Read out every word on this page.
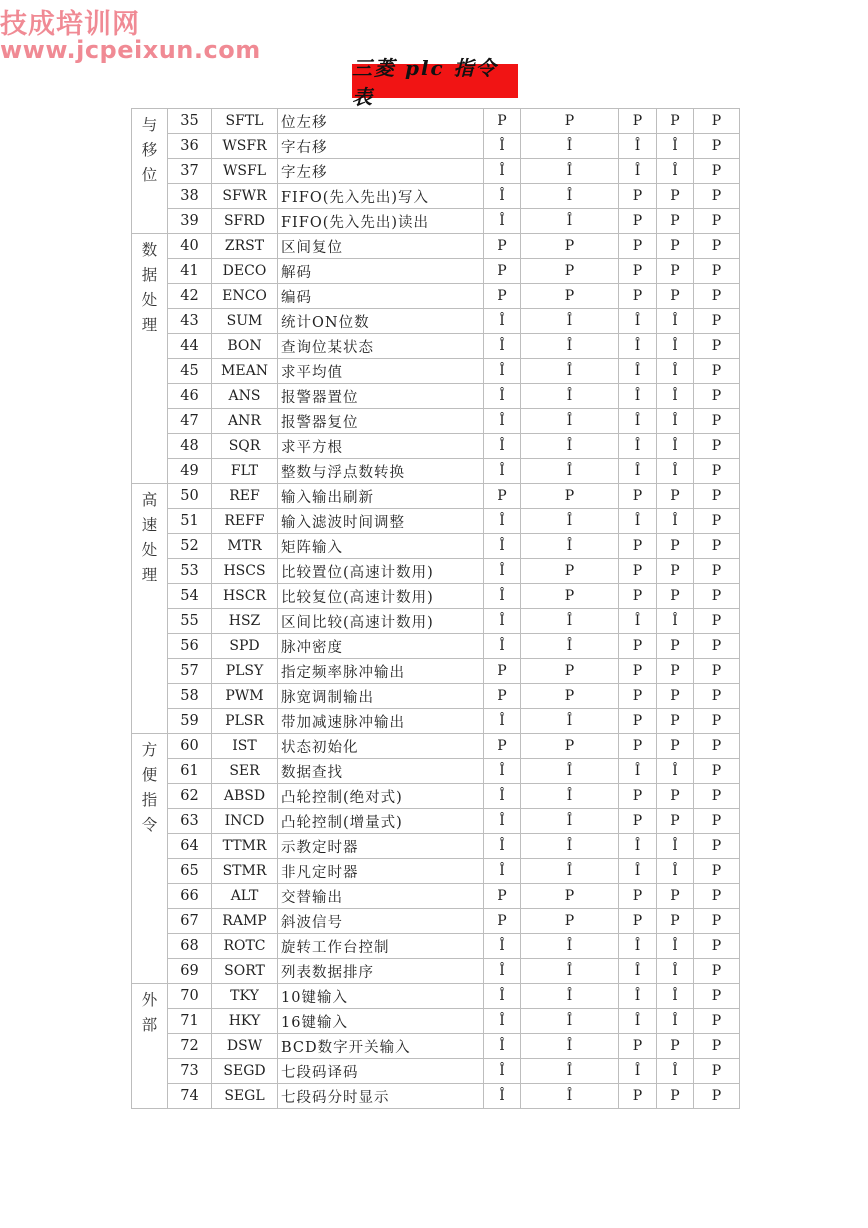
技成培训网

www.jcpeixun.com

三菱 plc 指令表
与
移
位	35	SFTL	位左移	P	P	P	P	P
	36	WSFR	字右移	Î	Î	Î	Î	P
	37	WSFL	字左移	Î	Î	Î	Î	P
	38	SFWR	FIFO(先入先出)写入	Î	Î	P	P	P
	39	SFRD	FIFO(先入先出)读出	Î	Î	P	P	P

数
据
处
理	40	ZRST	区间复位	P	P	P	P	P
	41	DECO	解码	P	P	P	P	P
	42	ENCO	编码	P	P	P	P	P
	43	SUM	统计ON位数	Î	Î	Î	Î	P
	44	BON	查询位某状态	Î	Î	Î	Î	P
	45	MEAN	求平均值	Î	Î	Î	Î	P
	46	ANS	报警器置位	Î	Î	Î	Î	P
	47	ANR	报警器复位	Î	Î	Î	Î	P
	48	SQR	求平方根	Î	Î	Î	Î	P
	49	FLT	整数与浮点数转换	Î	Î	Î	Î	P

高
速
处
理	50	REF	输入输出刷新	P	P	P	P	P
	51	REFF	输入滤波时间调整	Î	Î	Î	Î	P
	52	MTR	矩阵输入	Î	Î	P	P	P
	53	HSCS	比较置位(高速计数用)	Î	P	P	P	P
	54	HSCR	比较复位(高速计数用)	Î	P	P	P	P
	55	HSZ	区间比较(高速计数用)	Î	Î	Î	Î	P
	56	SPD	脉冲密度	Î	Î	P	P	P
	57	PLSY	指定频率脉冲输出	P	P	P	P	P
	58	PWM	脉宽调制输出	P	P	P	P	P
	59	PLSR	带加减速脉冲输出	Î	Î	P	P	P

方
便
指
令	60	IST	状态初始化	P	P	P	P	P
	61	SER	数据查找	Î	Î	Î	Î	P
	62	ABSD	凸轮控制(绝对式)	Î	Î	P	P	P
	63	INCD	凸轮控制(增量式)	Î	Î	P	P	P
	64	TTMR	示教定时器	Î	Î	Î	Î	P
	65	STMR	非凡定时器	Î	Î	Î	Î	P
	66	ALT	交替输出	P	P	P	P	P
	67	RAMP	斜波信号	P	P	P	P	P
	68	ROTC	旋转工作台控制	Î	Î	Î	Î	P
	69	SORT	列表数据排序	Î	Î	Î	Î	P

外
部	70	TKY	10键输入	Î	Î	Î	Î	P
	71	HKY	16键输入	Î	Î	Î	Î	P
	72	DSW	BCD数字开关输入	Î	Î	P	P	P
	73	SEGD	七段码译码	Î	Î	Î	Î	P
	74	SEGL	七段码分时显示	Î	Î	P	P	P
